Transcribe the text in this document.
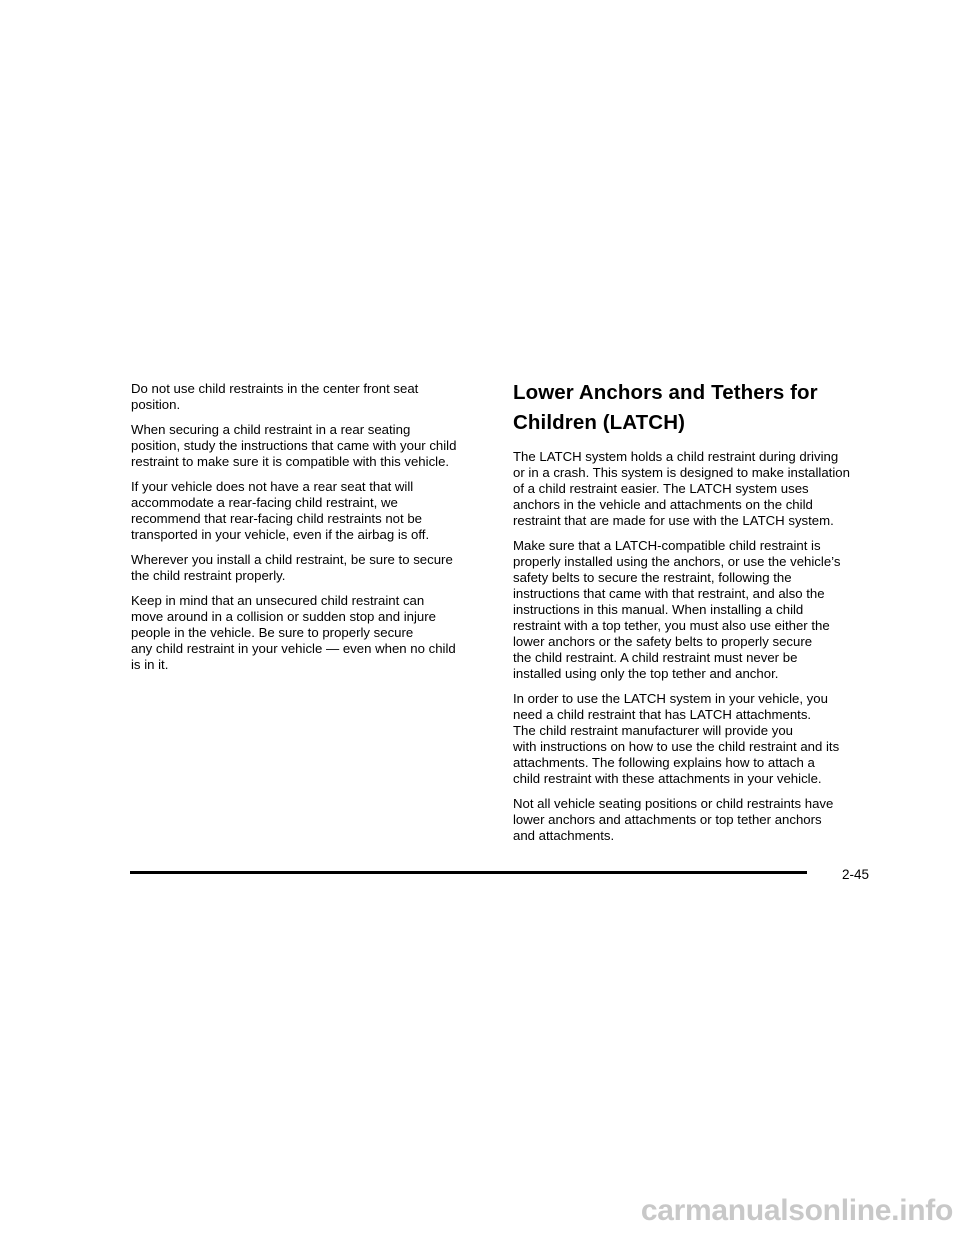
Do not use child restraints in the center front seat
position.

When securing a child restraint in a rear seating
position, study the instructions that came with your child
restraint to make sure it is compatible with this vehicle.

If your vehicle does not have a rear seat that will
accommodate a rear-facing child restraint, we
recommend that rear-facing child restraints not be
transported in your vehicle, even if the airbag is off.

Wherever you install a child restraint, be sure to secure
the child restraint properly.

Keep in mind that an unsecured child restraint can
move around in a collision or sudden stop and injure
people in the vehicle. Be sure to properly secure
any child restraint in your vehicle — even when no child
is in it.

Lower Anchors and Tethers for
Children (LATCH)

The LATCH system holds a child restraint during driving
or in a crash. This system is designed to make installation
of a child restraint easier. The LATCH system uses
anchors in the vehicle and attachments on the child
restraint that are made for use with the LATCH system.

Make sure that a LATCH-compatible child restraint is
properly installed using the anchors, or use the vehicle’s
safety belts to secure the restraint, following the
instructions that came with that restraint, and also the
instructions in this manual. When installing a child
restraint with a top tether, you must also use either the
lower anchors or the safety belts to properly secure
the child restraint. A child restraint must never be
installed using only the top tether and anchor.

In order to use the LATCH system in your vehicle, you
need a child restraint that has LATCH attachments.
The child restraint manufacturer will provide you
with instructions on how to use the child restraint and its
attachments. The following explains how to attach a
child restraint with these attachments in your vehicle.

Not all vehicle seating positions or child restraints have
lower anchors and attachments or top tether anchors
and attachments.

2-45
carmanualsonline.info
